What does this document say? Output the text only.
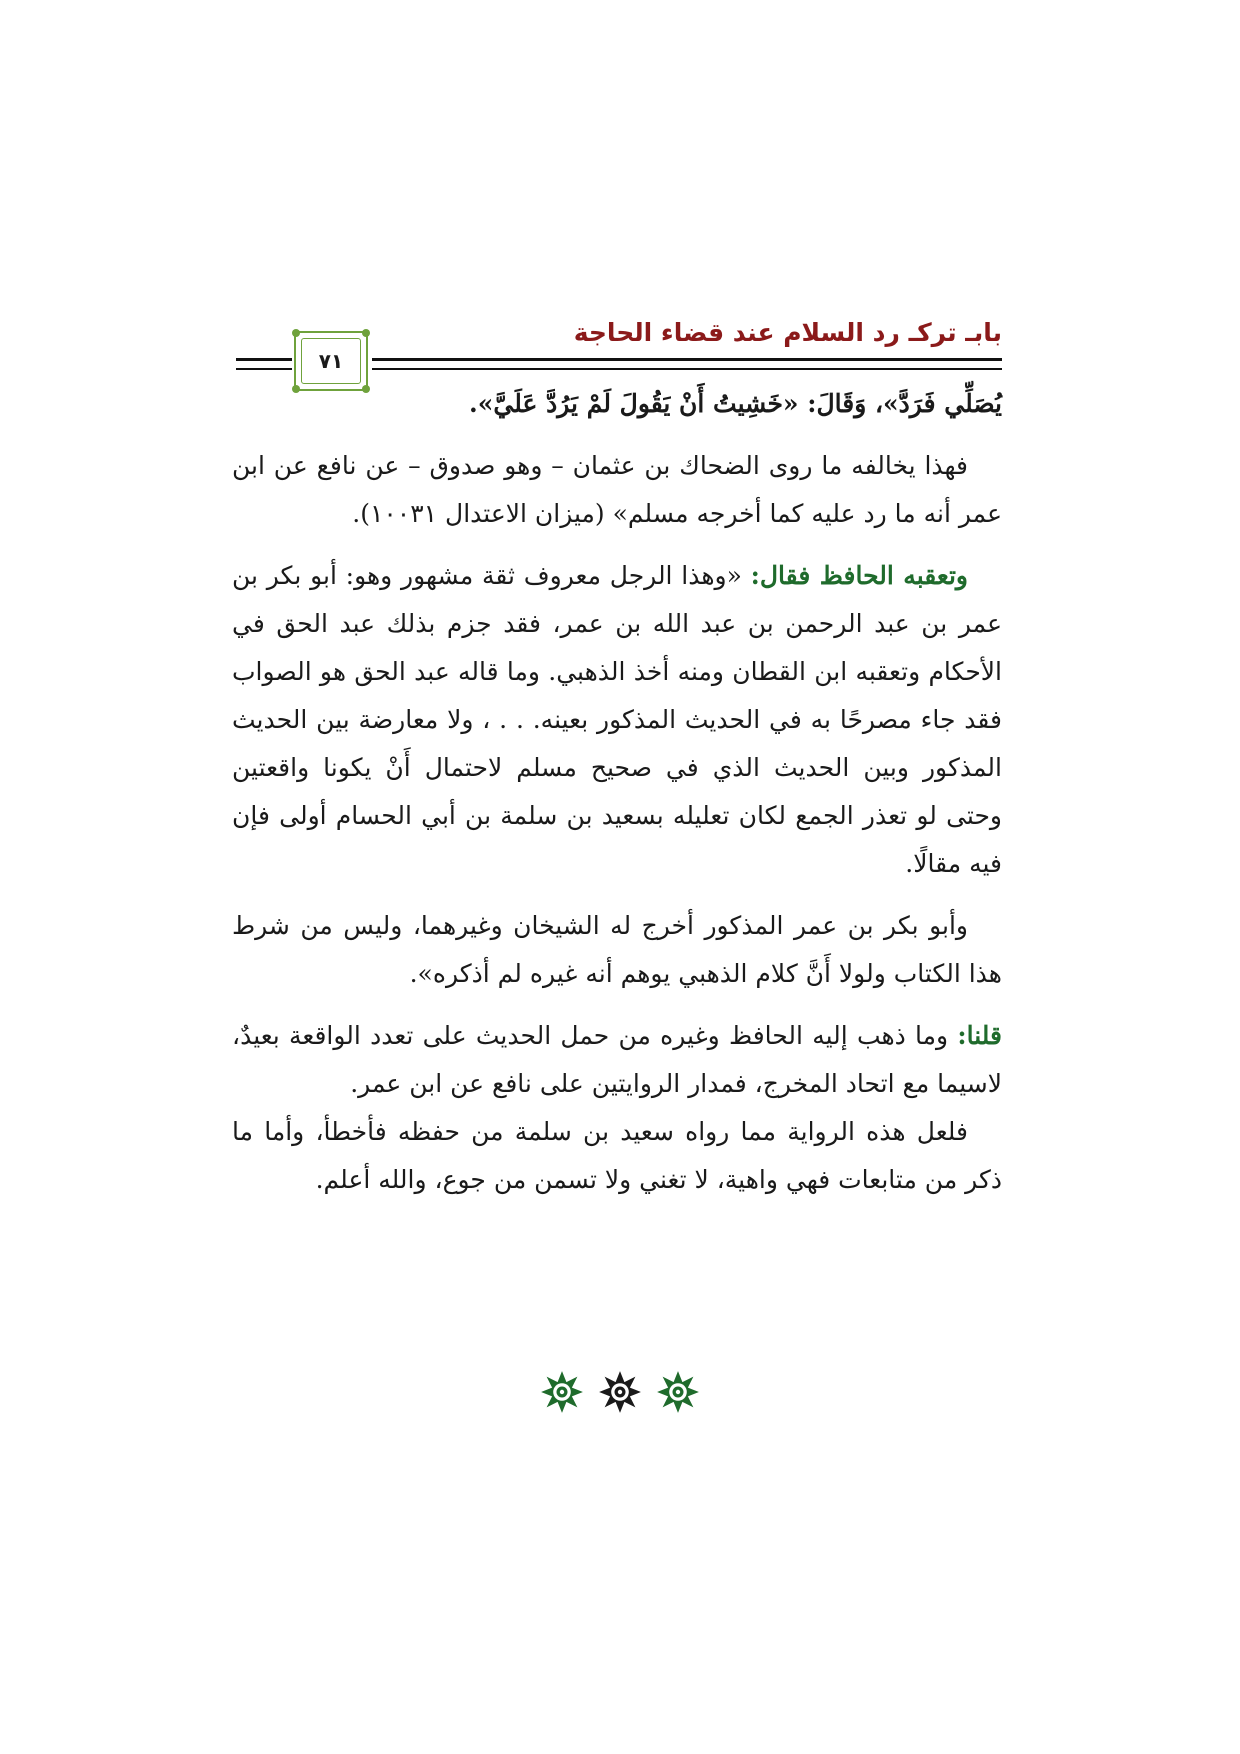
بابـ تركـ رد السلام عند قضاء الحاجة
٧١

يُصَلِّي فَرَدَّ»، وَقَالَ: «خَشِيتُ أَنْ يَقُولَ لَمْ يَرُدَّ عَلَيَّ».

فهذا يخالفه ما روى الضحاك بن عثمان – وهو صدوق – عن نافع عن ابن عمر أنه ما رد عليه كما أخرجه مسلم» (ميزان الاعتدال ١٠٠٣١).

وتعقبه الحافظ فقال: «وهذا الرجل معروف ثقة مشهور وهو: أبو بكر بن عمر بن عبد الرحمن بن عبد الله بن عمر، فقد جزم بذلك عبد الحق في الأحكام وتعقبه ابن القطان ومنه أخذ الذهبي. وما قاله عبد الحق هو الصواب فقد جاء مصرحًا به في الحديث المذكور بعينه. . . ، ولا معارضة بين الحديث المذكور وبين الحديث الذي في صحيح مسلم لاحتمال أَنْ يكونا واقعتين وحتى لو تعذر الجمع لكان تعليله بسعيد بن سلمة بن أبي الحسام أولى فإن فيه مقالًا.

وأبو بكر بن عمر المذكور أخرج له الشيخان وغيرهما، وليس من شرط هذا الكتاب ولولا أَنَّ كلام الذهبي يوهم أنه غيره لم أذكره».

قلنا: وما ذهب إليه الحافظ وغيره من حمل الحديث على تعدد الواقعة بعيدٌ، لاسيما مع اتحاد المخرج، فمدار الروايتين على نافع عن ابن عمر.

فلعل هذه الرواية مما رواه سعيد بن سلمة من حفظه فأخطأ، وأما ما ذكر من متابعات فهي واهية، لا تغني ولا تسمن من جوع، والله أعلم.
